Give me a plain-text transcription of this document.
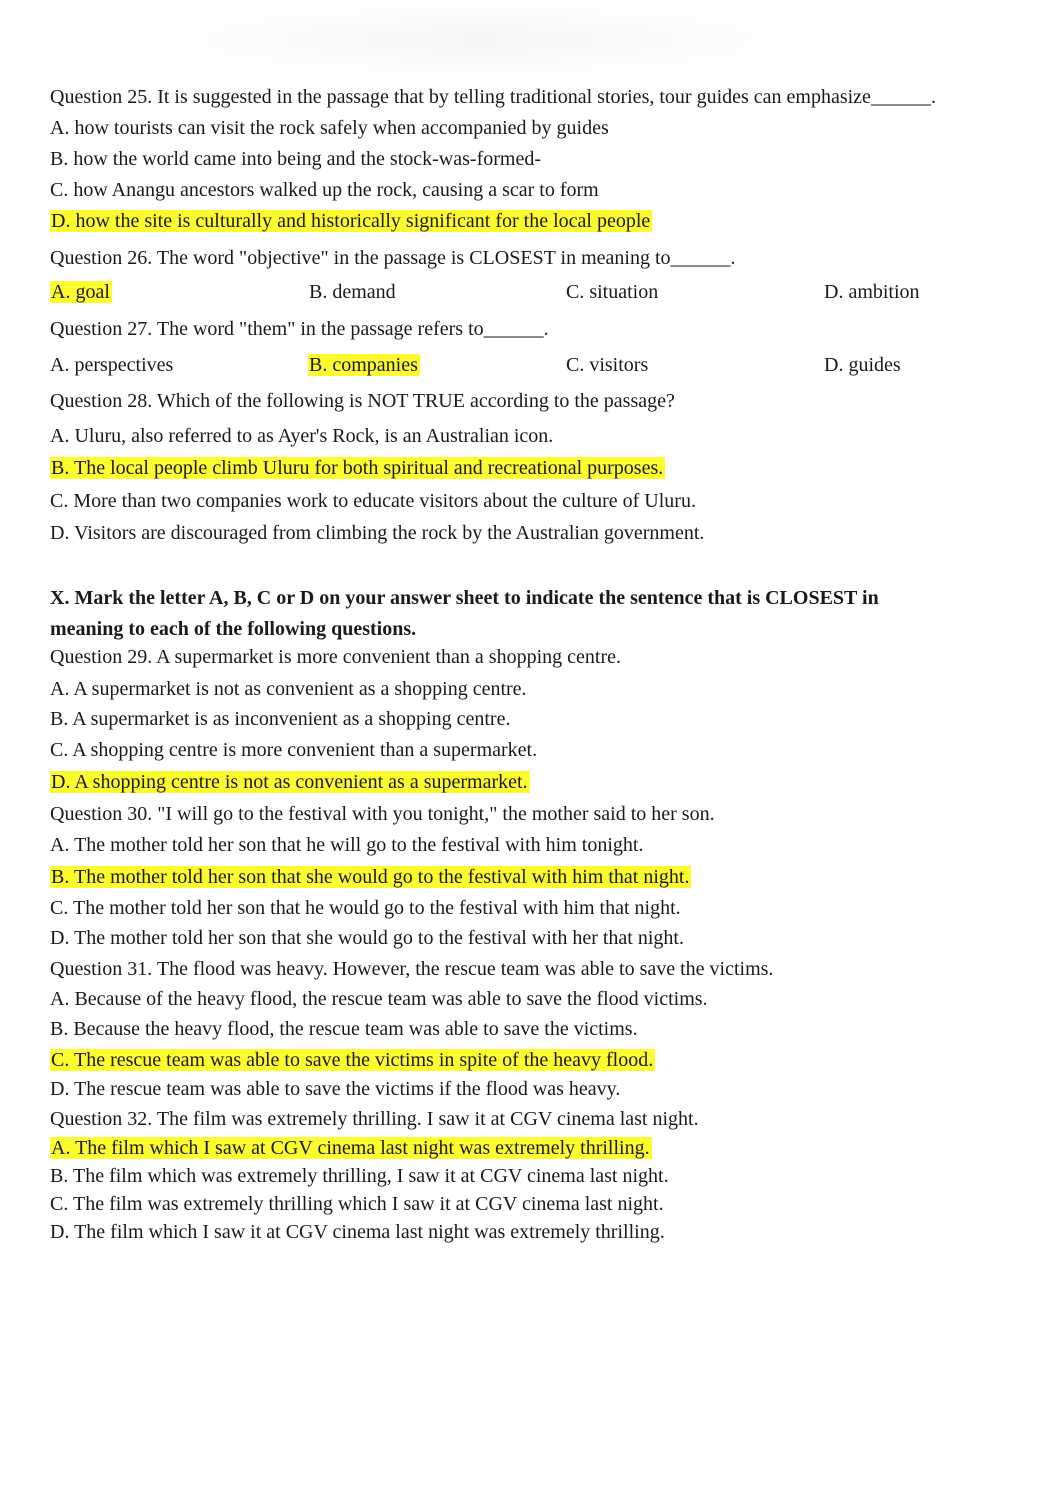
Question 25. It is suggested in the passage that by telling traditional stories, tour guides can emphasize______.
A. how tourists can visit the rock safely when accompanied by guides
B. how the world came into being and the stock-was-formed-
C. how Anangu ancestors walked up the rock, causing a scar to form
D. how the site is culturally and historically significant for the local people
Question 26. The word "objective" in the passage is CLOSEST in meaning to______.
A. goal	B. demand	C. situation	D. ambition
Question 27. The word "them" in the passage refers to______.
A. perspectives	B. companies	C. visitors	D. guides
Question 28. Which of the following is NOT TRUE according to the passage?
A. Uluru, also referred to as Ayer's Rock, is an Australian icon.
B. The local people climb Uluru for both spiritual and recreational purposes.
C. More than two companies work to educate visitors about the culture of Uluru.
D. Visitors are discouraged from climbing the rock by the Australian government.
X. Mark the letter A, B, C or D on your answer sheet to indicate the sentence that is CLOSEST in
meaning to each of the following questions.
Question 29. A supermarket is more convenient than a shopping centre.
A. A supermarket is not as convenient as a shopping centre.
B. A supermarket is as inconvenient as a shopping centre.
C. A shopping centre is more convenient than a supermarket.
D. A shopping centre is not as convenient as a supermarket.
Question 30. "I will go to the festival with you tonight," the mother said to her son.
A. The mother told her son that he will go to the festival with him tonight.
B. The mother told her son that she would go to the festival with him that night.
C. The mother told her son that he would go to the festival with him that night.
D. The mother told her son that she would go to the festival with her that night.
Question 31. The flood was heavy. However, the rescue team was able to save the victims.
A. Because of the heavy flood, the rescue team was able to save the flood victims.
B. Because the heavy flood, the rescue team was able to save the victims.
C. The rescue team was able to save the victims in spite of the heavy flood.
D. The rescue team was able to save the victims if the flood was heavy.
Question 32. The film was extremely thrilling. I saw it at CGV cinema last night.
A. The film which I saw at CGV cinema last night was extremely thrilling.
B. The film which was extremely thrilling, I saw it at CGV cinema last night.
C. The film was extremely thrilling which I saw it at CGV cinema last night.
D. The film which I saw it at CGV cinema last night was extremely thrilling.
